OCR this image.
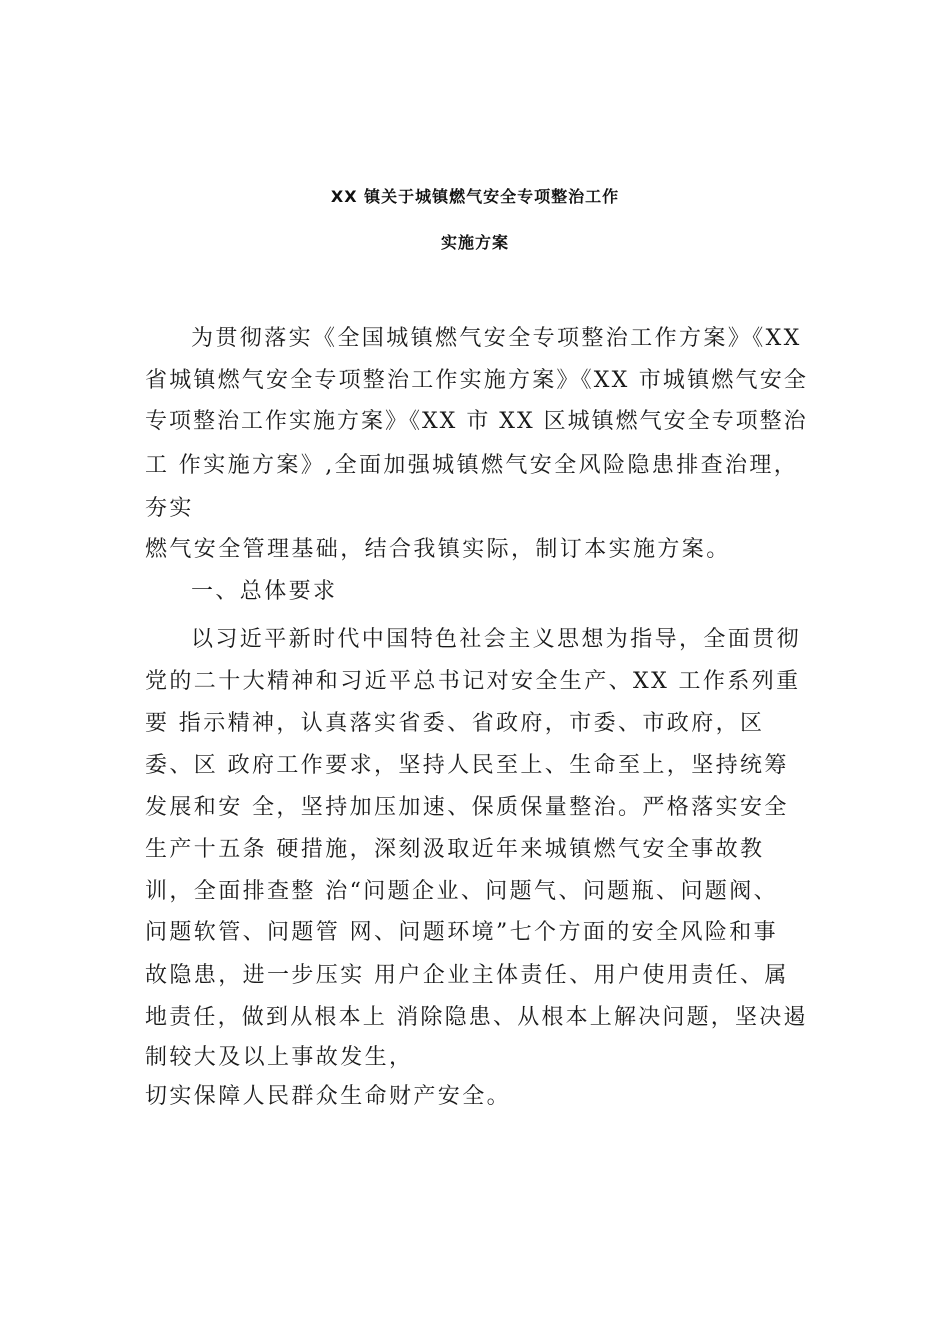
XX 镇关于城镇燃气安全专项整治工作
实施方案
为贯彻落实《全国城镇燃气安全专项整治工作方案》《XX
省城镇燃气安全专项整治工作实施方案》《XX 市城镇燃气安全
专项整治工作实施方案》《XX 市 XX 区城镇燃气安全专项整治
工 作实施方案》,全面加强城镇燃气安全风险隐患排查治理，
夯实
燃气安全管理基础，结合我镇实际，制订本实施方案。
一、总体要求
以习近平新时代中国特色社会主义思想为指导，全面贯彻
党的二十大精神和习近平总书记对安全生产、XX 工作系列重
要 指示精神，认真落实省委、省政府，市委、市政府，区
委、区 政府工作要求，坚持人民至上、生命至上，坚持统筹
发展和安 全，坚持加压加速、保质保量整治。严格落实安全
生产十五条 硬措施，深刻汲取近年来城镇燃气安全事故教
训，全面排查整 治“问题企业、问题气、问题瓶、问题阀、
问题软管、问题管 网、问题环境”七个方面的安全风险和事
故隐患，进一步压实 用户企业主体责任、用户使用责任、属
地责任，做到从根本上 消除隐患、从根本上解决问题，坚决遏
制较大及以上事故发生，
切实保障人民群众生命财产安全。
